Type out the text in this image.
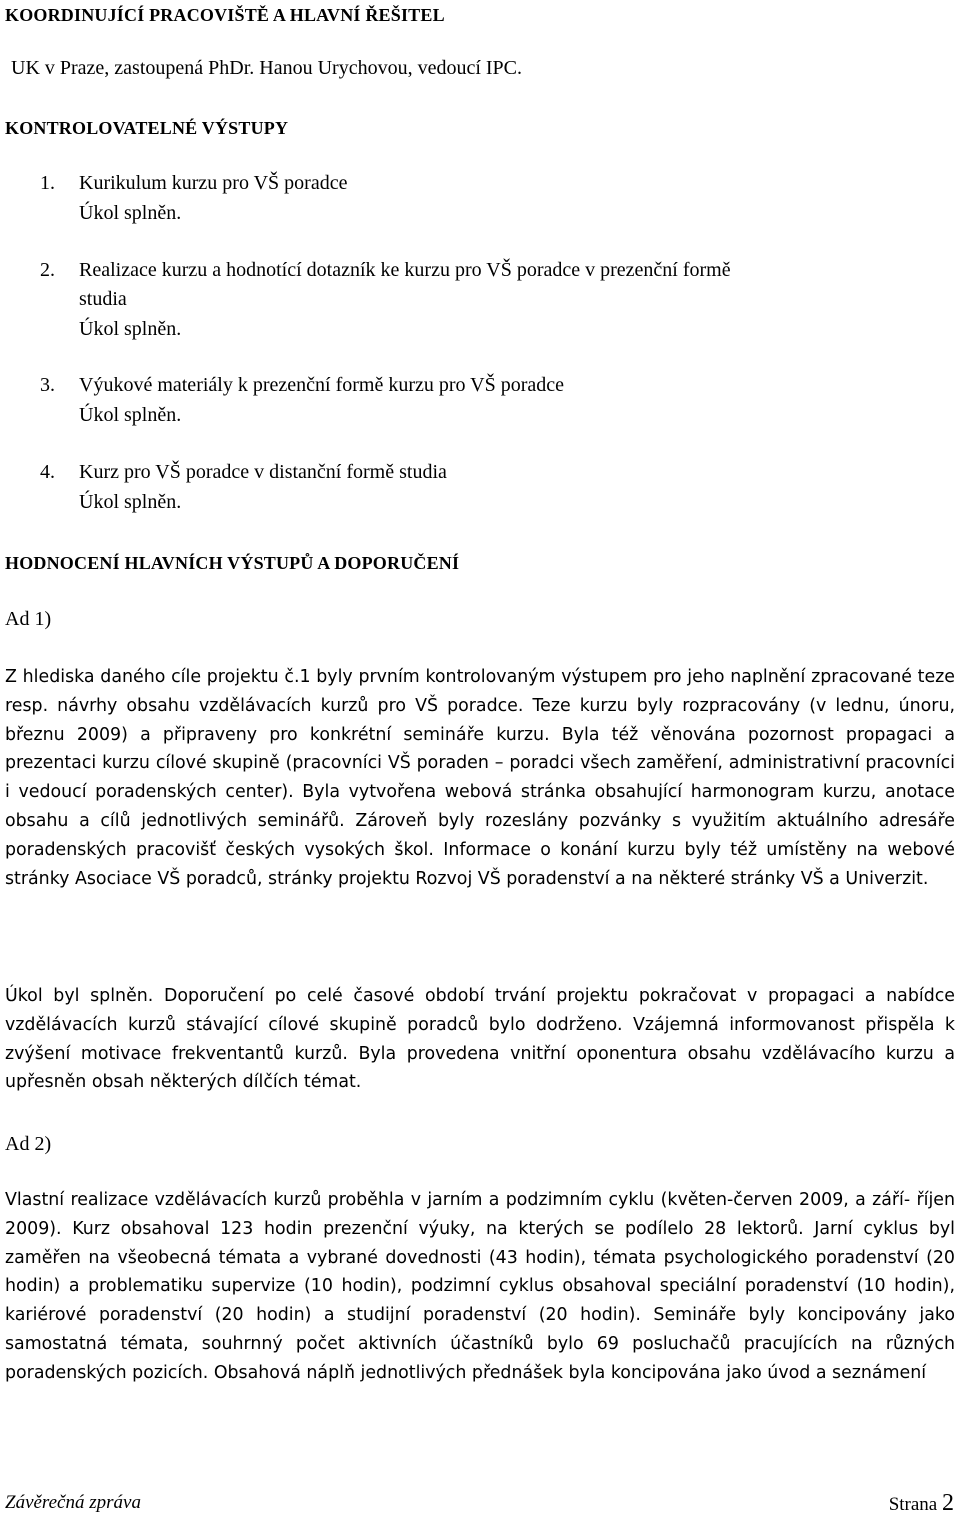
KOORDINUJÍCÍ PRACOVIŠTĚ A HLAVNÍ ŘEŠITEL
UK v Praze, zastoupená PhDr. Hanou Urychovou, vedoucí IPC.
KONTROLOVATELNÉ VÝSTUPY
1. Kurikulum kurzu pro VŠ poradce
Úkol splněn.
2. Realizace kurzu a hodnotící dotazník ke kurzu pro VŠ poradce v prezenční formě
studia
Úkol splněn.
3. Výukové materiály k prezenční formě kurzu pro VŠ poradce
Úkol splněn.
4. Kurz pro VŠ poradce v distanční formě studia
Úkol splněn.
HODNOCENÍ HLAVNÍCH VÝSTUPŮ A DOPORUČENÍ
Ad 1)
Z hlediska daného cíle projektu č.1 byly prvním kontrolovaným výstupem pro jeho naplnění zpracované teze resp. návrhy obsahu vzdělávacích kurzů pro VŠ poradce. Teze kurzu byly rozpracovány (v lednu, únoru, březnu 2009) a připraveny pro konkrétní semináře kurzu. Byla též věnována pozornost propagaci a prezentaci kurzu cílové skupině (pracovníci VŠ poraden – poradci všech zaměření, administrativní pracovníci i vedoucí poradenských center). Byla vytvořena webová stránka obsahující harmonogram kurzu, anotace obsahu a cílů jednotlivých seminářů. Zároveň byly rozeslány pozvánky s využitím aktuálního adresáře poradenských pracovišť českých vysokých škol. Informace o konání kurzu byly též umístěny na webové stránky Asociace VŠ poradců, stránky projektu Rozvoj VŠ poradenství a na některé stránky VŠ a Univerzit.
Úkol byl splněn. Doporučení po celé časové období trvání projektu pokračovat v propagaci a nabídce vzdělávacích kurzů stávající cílové skupině poradců bylo dodrženo. Vzájemná informovanost přispěla k zvýšení motivace frekventantů kurzů. Byla provedena vnitřní oponentura obsahu vzdělávacího kurzu a upřesněn obsah některých dílčích témat.
Ad 2)
Vlastní realizace vzdělávacích kurzů proběhla v jarním a podzimním cyklu (květen-červen 2009, a září- říjen 2009). Kurz obsahoval 123 hodin prezenční výuky, na kterých se podílelo 28 lektorů. Jarní cyklus byl zaměřen na všeobecná témata a vybrané dovednosti (43 hodin), témata psychologického poradenství (20 hodin) a problematiku supervize (10 hodin), podzimní cyklus obsahoval speciální poradenství (10 hodin), kariérové poradenství (20 hodin) a studijní poradenství (20 hodin). Semináře byly koncipovány jako samostatná témata, souhrnný počet aktivních účastníků bylo 69 posluchačů pracujících na různých poradenských pozicích. Obsahová náplň jednotlivých přednášek byla koncipována jako úvod a seznámení
Závěrečná zpráva	Strana 2
